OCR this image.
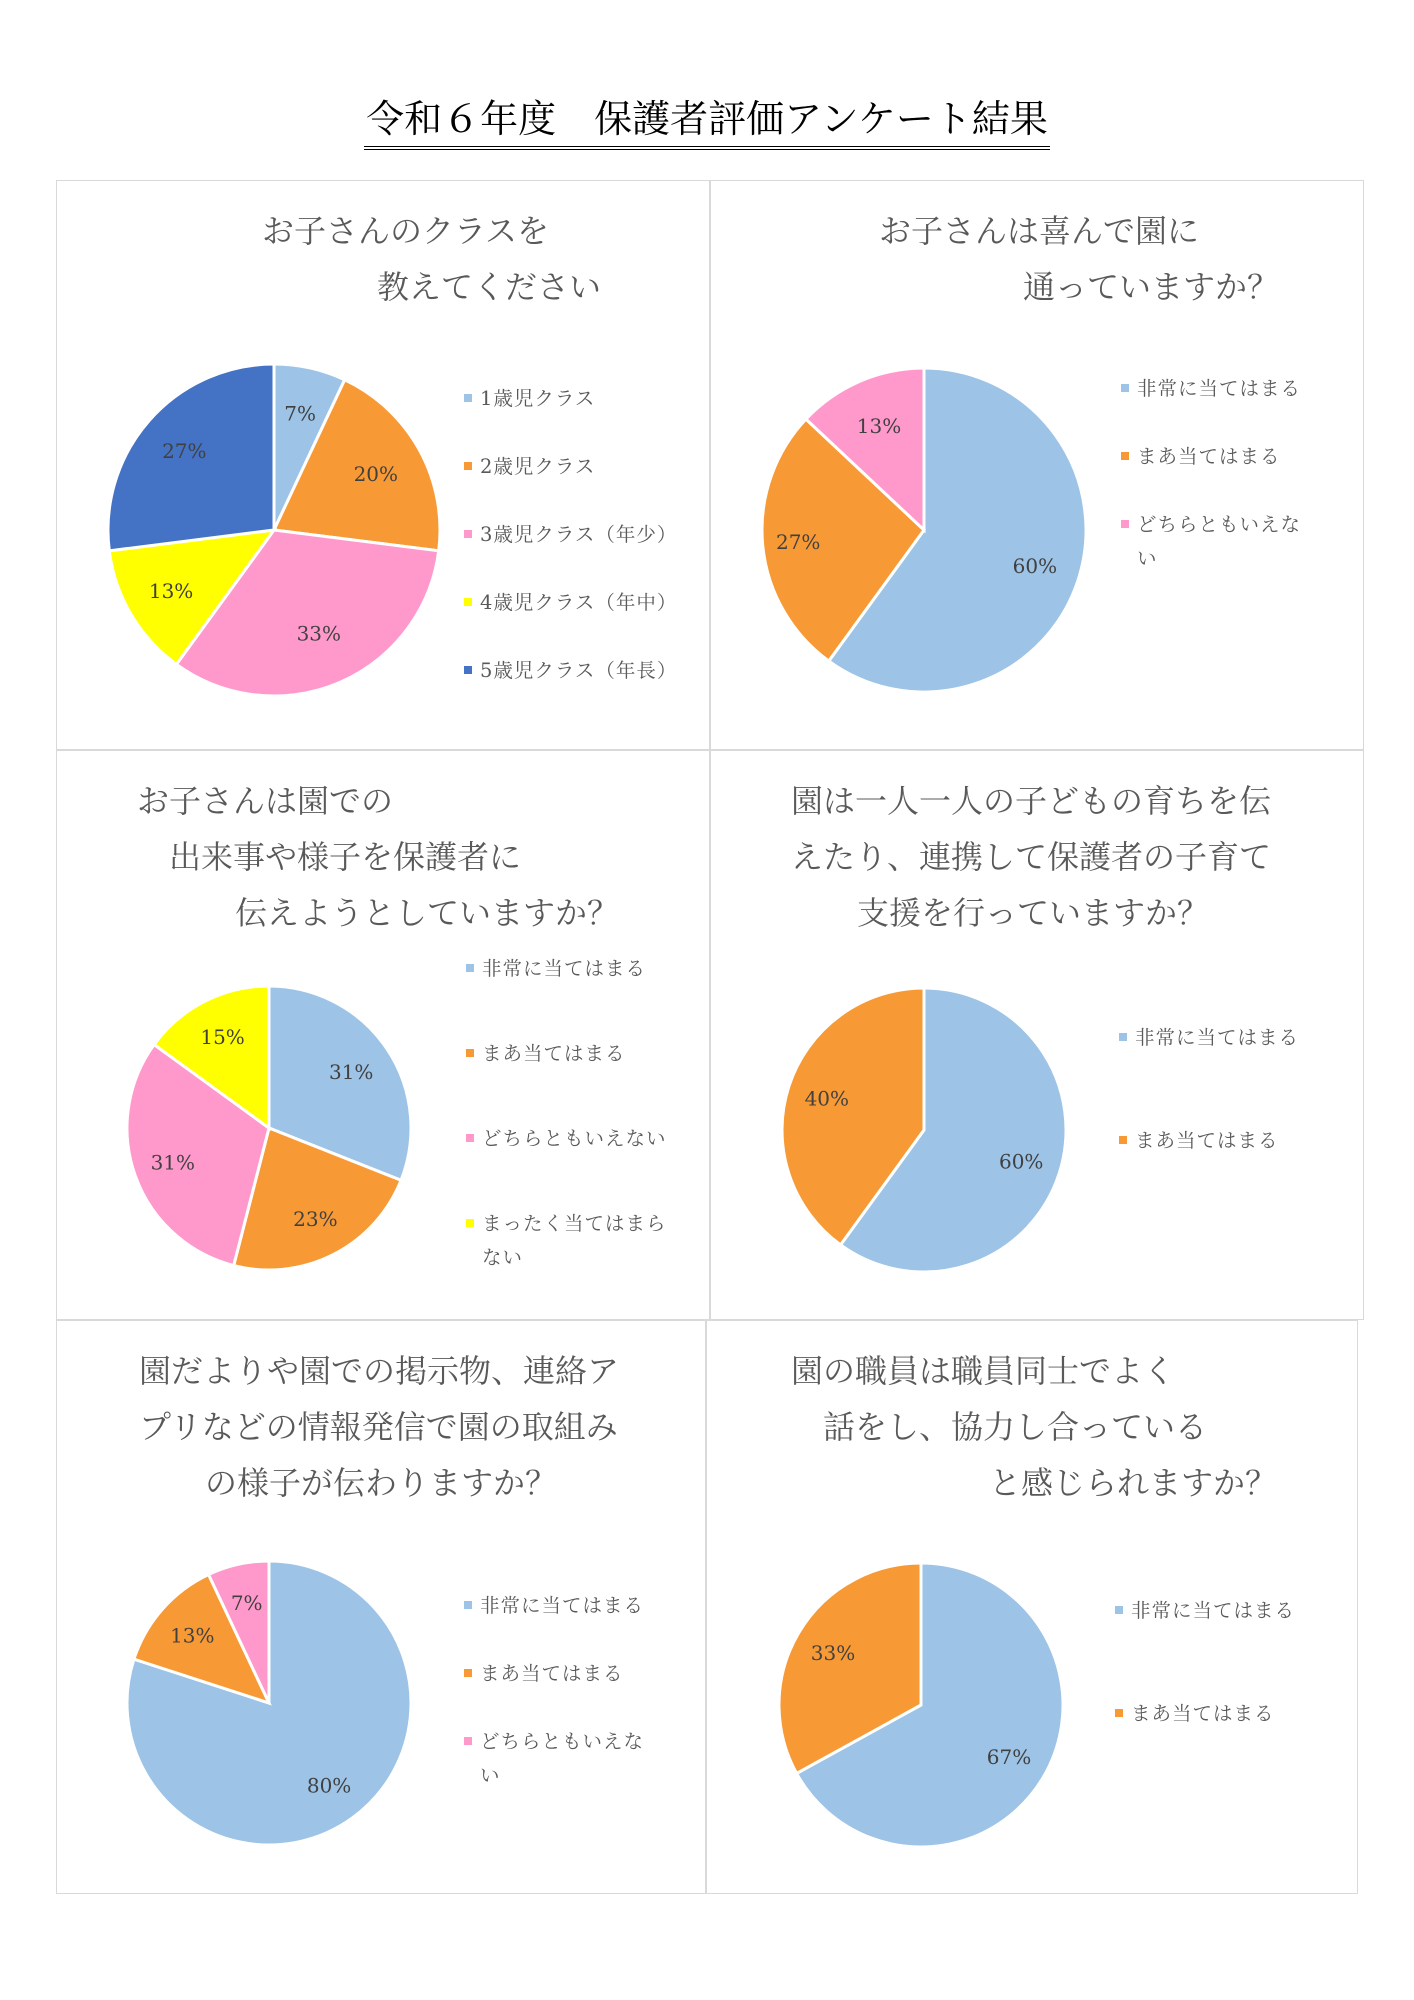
令和６年度　保護者評価アンケート結果
お子さんのクラスを
教えてください
お子さんは喜んで園に
通っていますか？
お子さんは園での
出来事や様子を保護者に
伝えようとしていますか？
園は一人一人の子どもの育ちを伝
えたり、連携して保護者の子育て
支援を行っていますか？
園だよりや園での掲示物、連絡ア
プリなどの情報発信で園の取組み
の様子が伝わりますか？
園の職員は職員同士でよく
話をし、協力し合っている
と感じられますか？
1歳児クラス
2歳児クラス
3歳児クラス（年少）
4歳児クラス（年中）
5歳児クラス（年長）
非常に当てはまる
まあ当てはまる
どちらともいえな
い
非常に当てはまる
まあ当てはまる
どちらともいえない
まったく当てはまら
ない
非常に当てはまる
まあ当てはまる
非常に当てはまる
まあ当てはまる
どちらともいえな
い
非常に当てはまる
まあ当てはまる
7%
20%
33%
13%
27%
60%
27%
13%
31%
23%
31%
15%
60%
40%
80%
13%
7%
67%
33%
